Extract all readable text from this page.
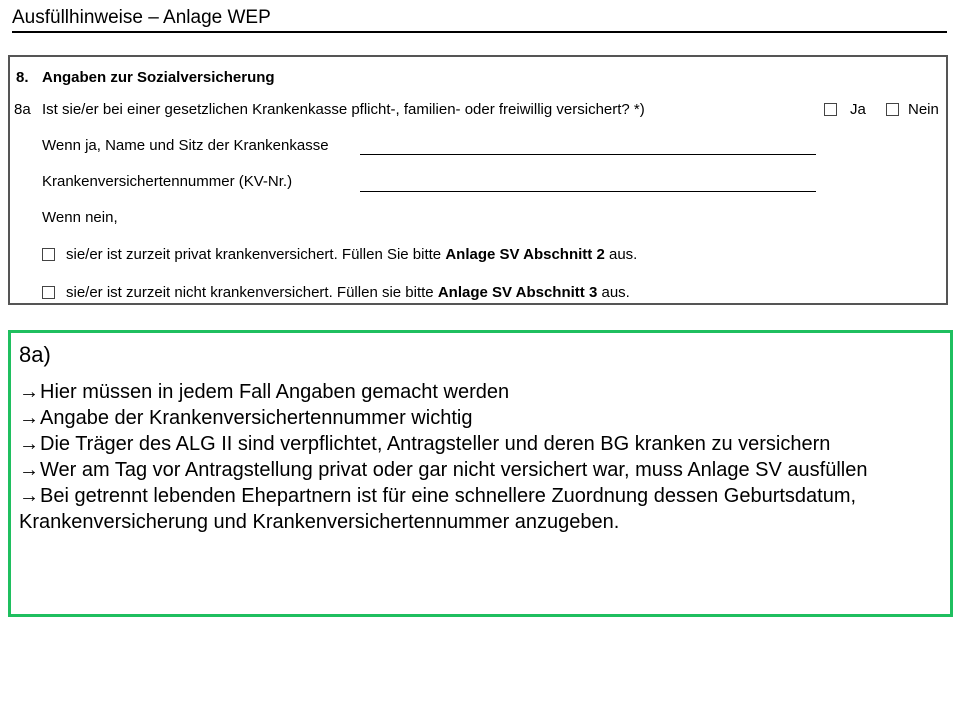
Ausfüllhinweise – Anlage WEP
8. Angaben zur Sozialversicherung
8a Ist sie/er bei einer gesetzlichen Krankenkasse pflicht-, familien- oder freiwillig versichert? *)	Ja	Nein
Wenn ja, Name und Sitz der Krankenkasse
Krankenversichertennummer (KV-Nr.)
Wenn nein,
sie/er ist zurzeit privat krankenversichert. Füllen Sie bitte Anlage SV Abschnitt 2 aus.
sie/er ist zurzeit nicht krankenversichert. Füllen sie bitte Anlage SV Abschnitt 3 aus.
8a)
→Hier müssen in jedem Fall Angaben gemacht werden
→Angabe der Krankenversichertennummer wichtig
→Die Träger des ALG II sind verpflichtet, Antragsteller und deren BG kranken zu versichern
→Wer am Tag vor Antragstellung privat oder gar nicht versichert war, muss Anlage SV ausfüllen
→Bei getrennt lebenden Ehepartnern ist für eine schnellere Zuordnung dessen Geburtsdatum, Krankenversicherung und Krankenversichertennummer anzugeben.
